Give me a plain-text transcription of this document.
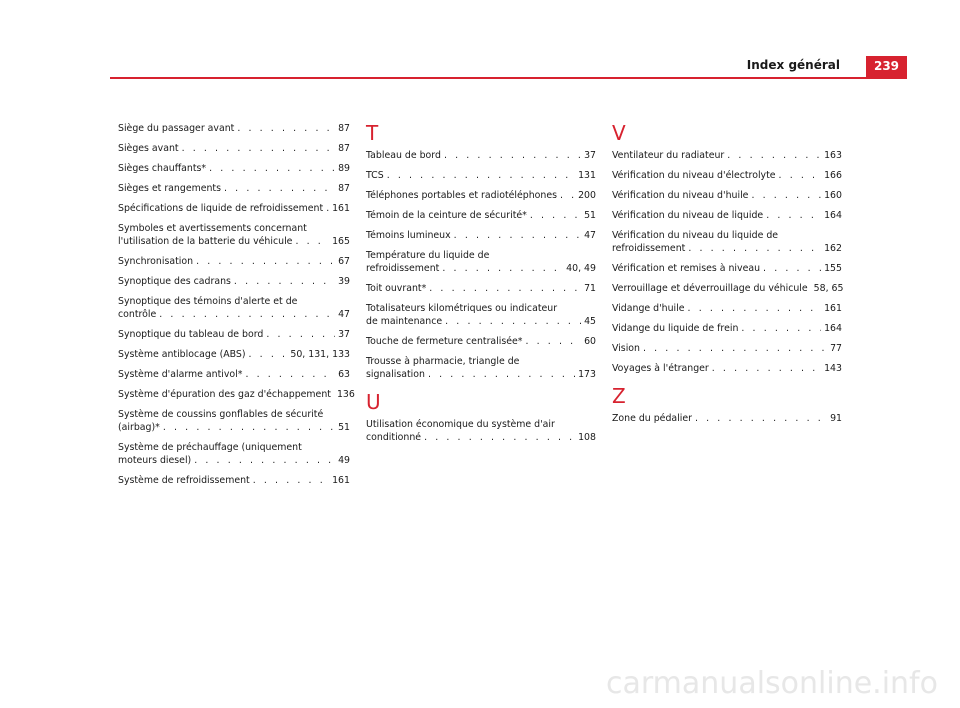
Index général	239
Siège du passager avant . . .	87
Sièges avant . . .	87
Sièges chauffants* . . .	89
Sièges et rangements . . .	87
Spécifications de liquide de refroidissement . . . 161
Symboles et avertissements concernant
l'utilisation de la batterie du véhicule . . .	165
Synchronisation . . .	67
Synoptique des cadrans . . .	39
Synoptique des témoins d'alerte et de
contrôle . . .	47
Synoptique du tableau de bord . . .	37
Système antiblocage (ABS) . . .	50, 131, 133
Système d'alarme antivol* . . .	63
Système d'épuration des gaz d'échappement 136
Système de coussins gonflables de sécurité
(airbag)* . . .	51
Système de préchauffage (uniquement
moteurs diesel) . . .	49
Système de refroidissement . . .	161
T
Tableau de bord . . .	37
TCS . . .	131
Téléphones portables et radiotéléphones . . . 200
Témoin de la ceinture de sécurité* . . .	51
Témoins lumineux . . .	47
Température du liquide de
refroidissement . . .	40, 49
Toit ouvrant* . . .	71
Totalisateurs kilométriques ou indicateur
de maintenance . . .	45
Touche de fermeture centralisée* . . .	60
Trousse à pharmacie, triangle de
signalisation . . .	173
U
Utilisation économique du système d'air
conditionné . . .	108
V
Ventilateur du radiateur . . .	163
Vérification du niveau d'électrolyte . . .	166
Vérification du niveau d'huile . . .	160
Vérification du niveau de liquide . . .	164
Vérification du niveau du liquide de
refroidissement . . .	162
Vérification et remises à niveau . . .	155
Verrouillage et déverrouillage du véhicule 58, 65
Vidange d'huile . . .	161
Vidange du liquide de frein . . .	164
Vision . . .	77
Voyages à l'étranger . . .	143
Z
Zone du pédalier . . .	91
carmanualsonline.info
